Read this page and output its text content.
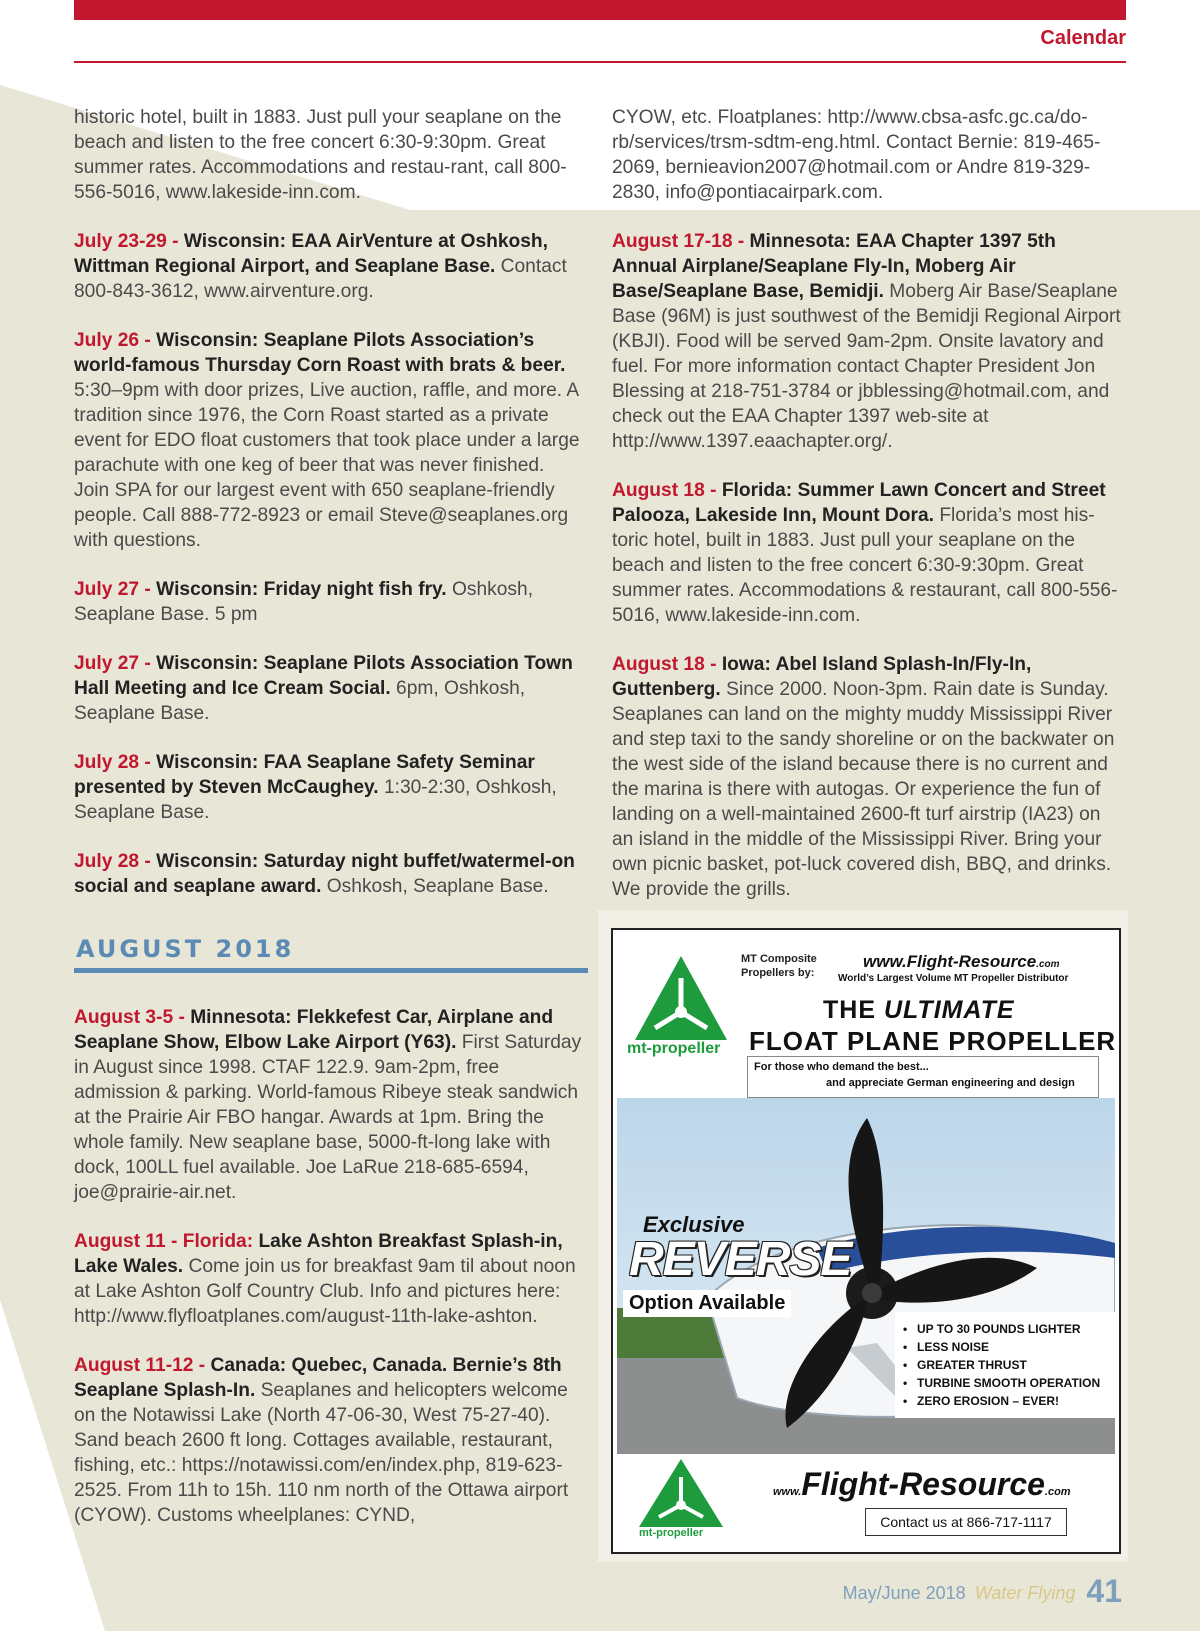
Calendar

historic hotel, built in 1883. Just pull your seaplane on the beach and listen to the free concert 6:30-9:30pm. Great summer rates. Accommodations and restau-rant, call 800-556-5016, www.lakeside-inn.com.

July 23-29 - Wisconsin: EAA AirVenture at Oshkosh, Wittman Regional Airport, and Seaplane Base. Contact 800-843-3612, www.airventure.org.

July 26 - Wisconsin: Seaplane Pilots Association’s world-famous Thursday Corn Roast with brats & beer. 5:30–9pm with door prizes, Live auction, raffle, and more. A tradition since 1976, the Corn Roast started as a private event for EDO float customers that took place under a large parachute with one keg of beer that was never finished. Join SPA for our largest event with 650 seaplane-friendly people. Call 888-772-8923 or email Steve@seaplanes.org with questions.

July 27 - Wisconsin: Friday night fish fry. Oshkosh, Seaplane Base. 5 pm

July 27 - Wisconsin: Seaplane Pilots Association Town Hall Meeting and Ice Cream Social. 6pm, Oshkosh, Seaplane Base.

July 28 - Wisconsin: FAA Seaplane Safety Seminar presented by Steven McCaughey. 1:30-2:30, Oshkosh, Seaplane Base.

July 28 - Wisconsin: Saturday night buffet/watermel-on social and seaplane award. Oshkosh, Seaplane Base.

AUGUST 2018

August 3-5 - Minnesota: Flekkefest Car, Airplane and Seaplane Show, Elbow Lake Airport (Y63). First Saturday in August since 1998. CTAF 122.9. 9am-2pm, free admission & parking. World-famous Ribeye steak sandwich at the Prairie Air FBO hangar. Awards at 1pm. Bring the whole family. New seaplane base, 5000-ft-long lake with dock, 100LL fuel available. Joe LaRue 218-685-6594, joe@prairie-air.net.

August 11 - Florida: Lake Ashton Breakfast Splash-in, Lake Wales. Come join us for breakfast 9am til about noon at Lake Ashton Golf Country Club. Info and pictures here: http://www.flyfloatplanes.com/august-11th-lake-ashton.

August 11-12 - Canada: Quebec, Canada. Bernie’s 8th Seaplane Splash-In. Seaplanes and helicopters welcome on the Notawissi Lake (North 47-06-30, West 75-27-40). Sand beach 2600 ft long. Cottages available, restaurant, fishing, etc.: https://notawissi.com/en/index.php, 819-623-2525. From 11h to 15h. 110 nm north of the Ottawa airport (CYOW). Customs wheelplanes: CYND,

CYOW, etc. Floatplanes: http://www.cbsa-asfc.gc.ca/do-rb/services/trsm-sdtm-eng.html. Contact Bernie: 819-465-2069, bernieavion2007@hotmail.com or Andre 819-329-2830, info@pontiacairpark.com.

August 17-18 - Minnesota: EAA Chapter 1397 5th Annual Airplane/Seaplane Fly-In, Moberg Air Base/Seaplane Base, Bemidji. Moberg Air Base/Seaplane Base (96M) is just southwest of the Bemidji Regional Airport (KBJI). Food will be served 9am-2pm. Onsite lavatory and fuel. For more information contact Chapter President Jon Blessing at 218-751-3784 or jbblessing@hotmail.com, and check out the EAA Chapter 1397 web-site at http://www.1397.eaachapter.org/.

August 18 - Florida: Summer Lawn Concert and Street Palooza, Lakeside Inn, Mount Dora. Florida’s most his-toric hotel, built in 1883. Just pull your seaplane on the beach and listen to the free concert 6:30-9:30pm. Great summer rates. Accommodations & restaurant, call 800-556-5016, www.lakeside-inn.com.

August 18 - Iowa: Abel Island Splash-In/Fly-In, Guttenberg. Since 2000. Noon-3pm. Rain date is Sunday. Seaplanes can land on the mighty muddy Mississippi River and step taxi to the sandy shoreline or on the backwater on the west side of the island because there is no current and the marina is there with autogas. Or experience the fun of landing on a well-maintained 2600-ft turf airstrip (IA23) on an island in the middle of the Mississippi River. Bring your own picnic basket, pot-luck covered dish, BBQ, and drinks. We provide the grills.

mt-propeller
MT Composite
Propellers by:
www.Flight-Resource.com
World’s Largest Volume MT Propeller Distributor
THE ULTIMATE
FLOAT PLANE PROPELLER
For those who demand the best...
and appreciate German engineering and design
Exclusive
REVERSE
Option Available
• UP TO 30 POUNDS LIGHTER
• LESS NOISE
• GREATER THRUST
• TURBINE SMOOTH OPERATION
• ZERO EROSION – EVER!
mt-propeller
www.Flight-Resource.com
Contact us at 866-717-1117
May/June 2018 Water Flying 41
